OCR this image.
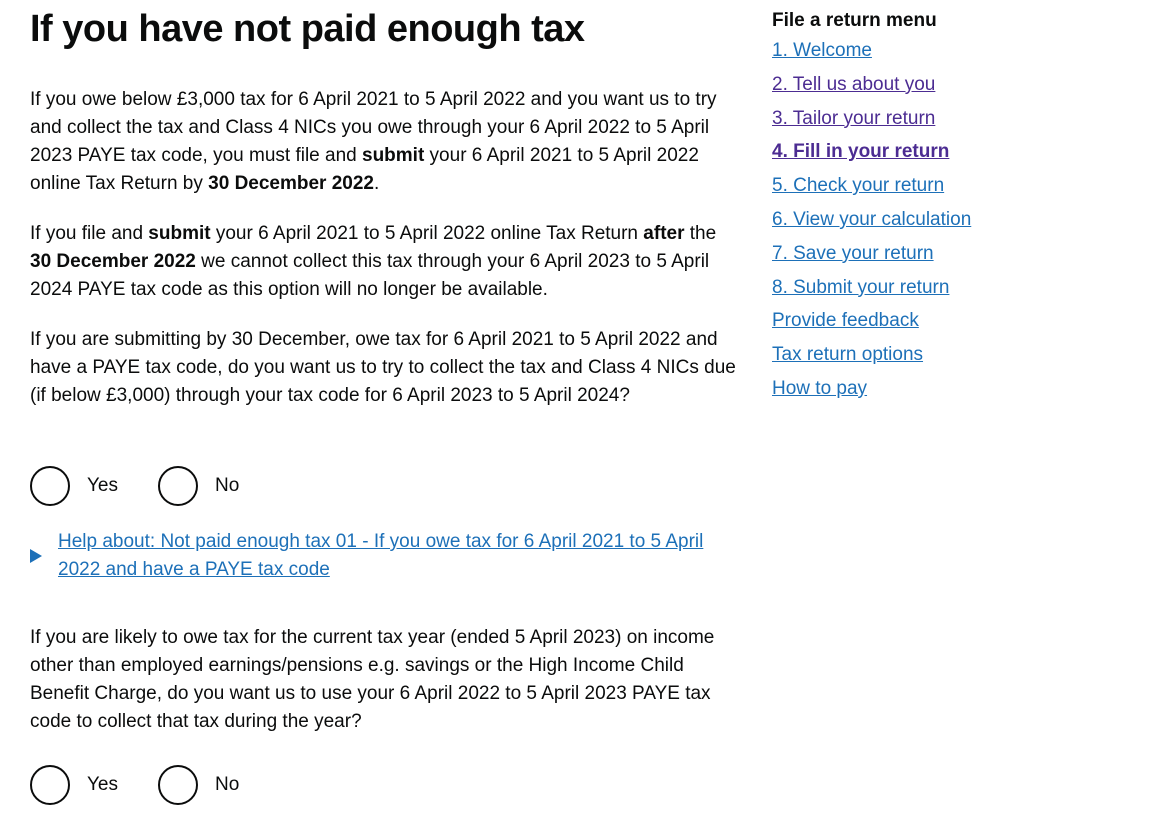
If you have not paid enough tax

If you owe below £3,000 tax for 6 April 2021 to 5 April 2022 and you want us to try and collect the tax and Class 4 NICs you owe through your 6 April 2022 to 5 April 2023 PAYE tax code, you must file and submit your 6 April 2021 to 5 April 2022 online Tax Return by 30 December 2022.

If you file and submit your 6 April 2021 to 5 April 2022 online Tax Return after the 30 December 2022 we cannot collect this tax through your 6 April 2023 to 5 April 2024 PAYE tax code as this option will no longer be available.

If you are submitting by 30 December, owe tax for 6 April 2021 to 5 April 2022 and have a PAYE tax code, do you want us to try to collect the tax and Class 4 NICs due (if below £3,000) through your tax code for 6 April 2023 to 5 April 2024?

Yes	No
Help about: Not paid enough tax 01 - If you owe tax for 6 April 2021 to 5 April 2022 and have a PAYE tax code

If you are likely to owe tax for the current tax year (ended 5 April 2023) on income other than employed earnings/pensions e.g. savings or the High Income Child Benefit Charge, do you want us to use your 6 April 2022 to 5 April 2023 PAYE tax code to collect that tax during the year?

Yes	No
File a return menu
1. Welcome
2. Tell us about you
3. Tailor your return
4. Fill in your return
5. Check your return
6. View your calculation
7. Save your return
8. Submit your return
Provide feedback
Tax return options
How to pay
